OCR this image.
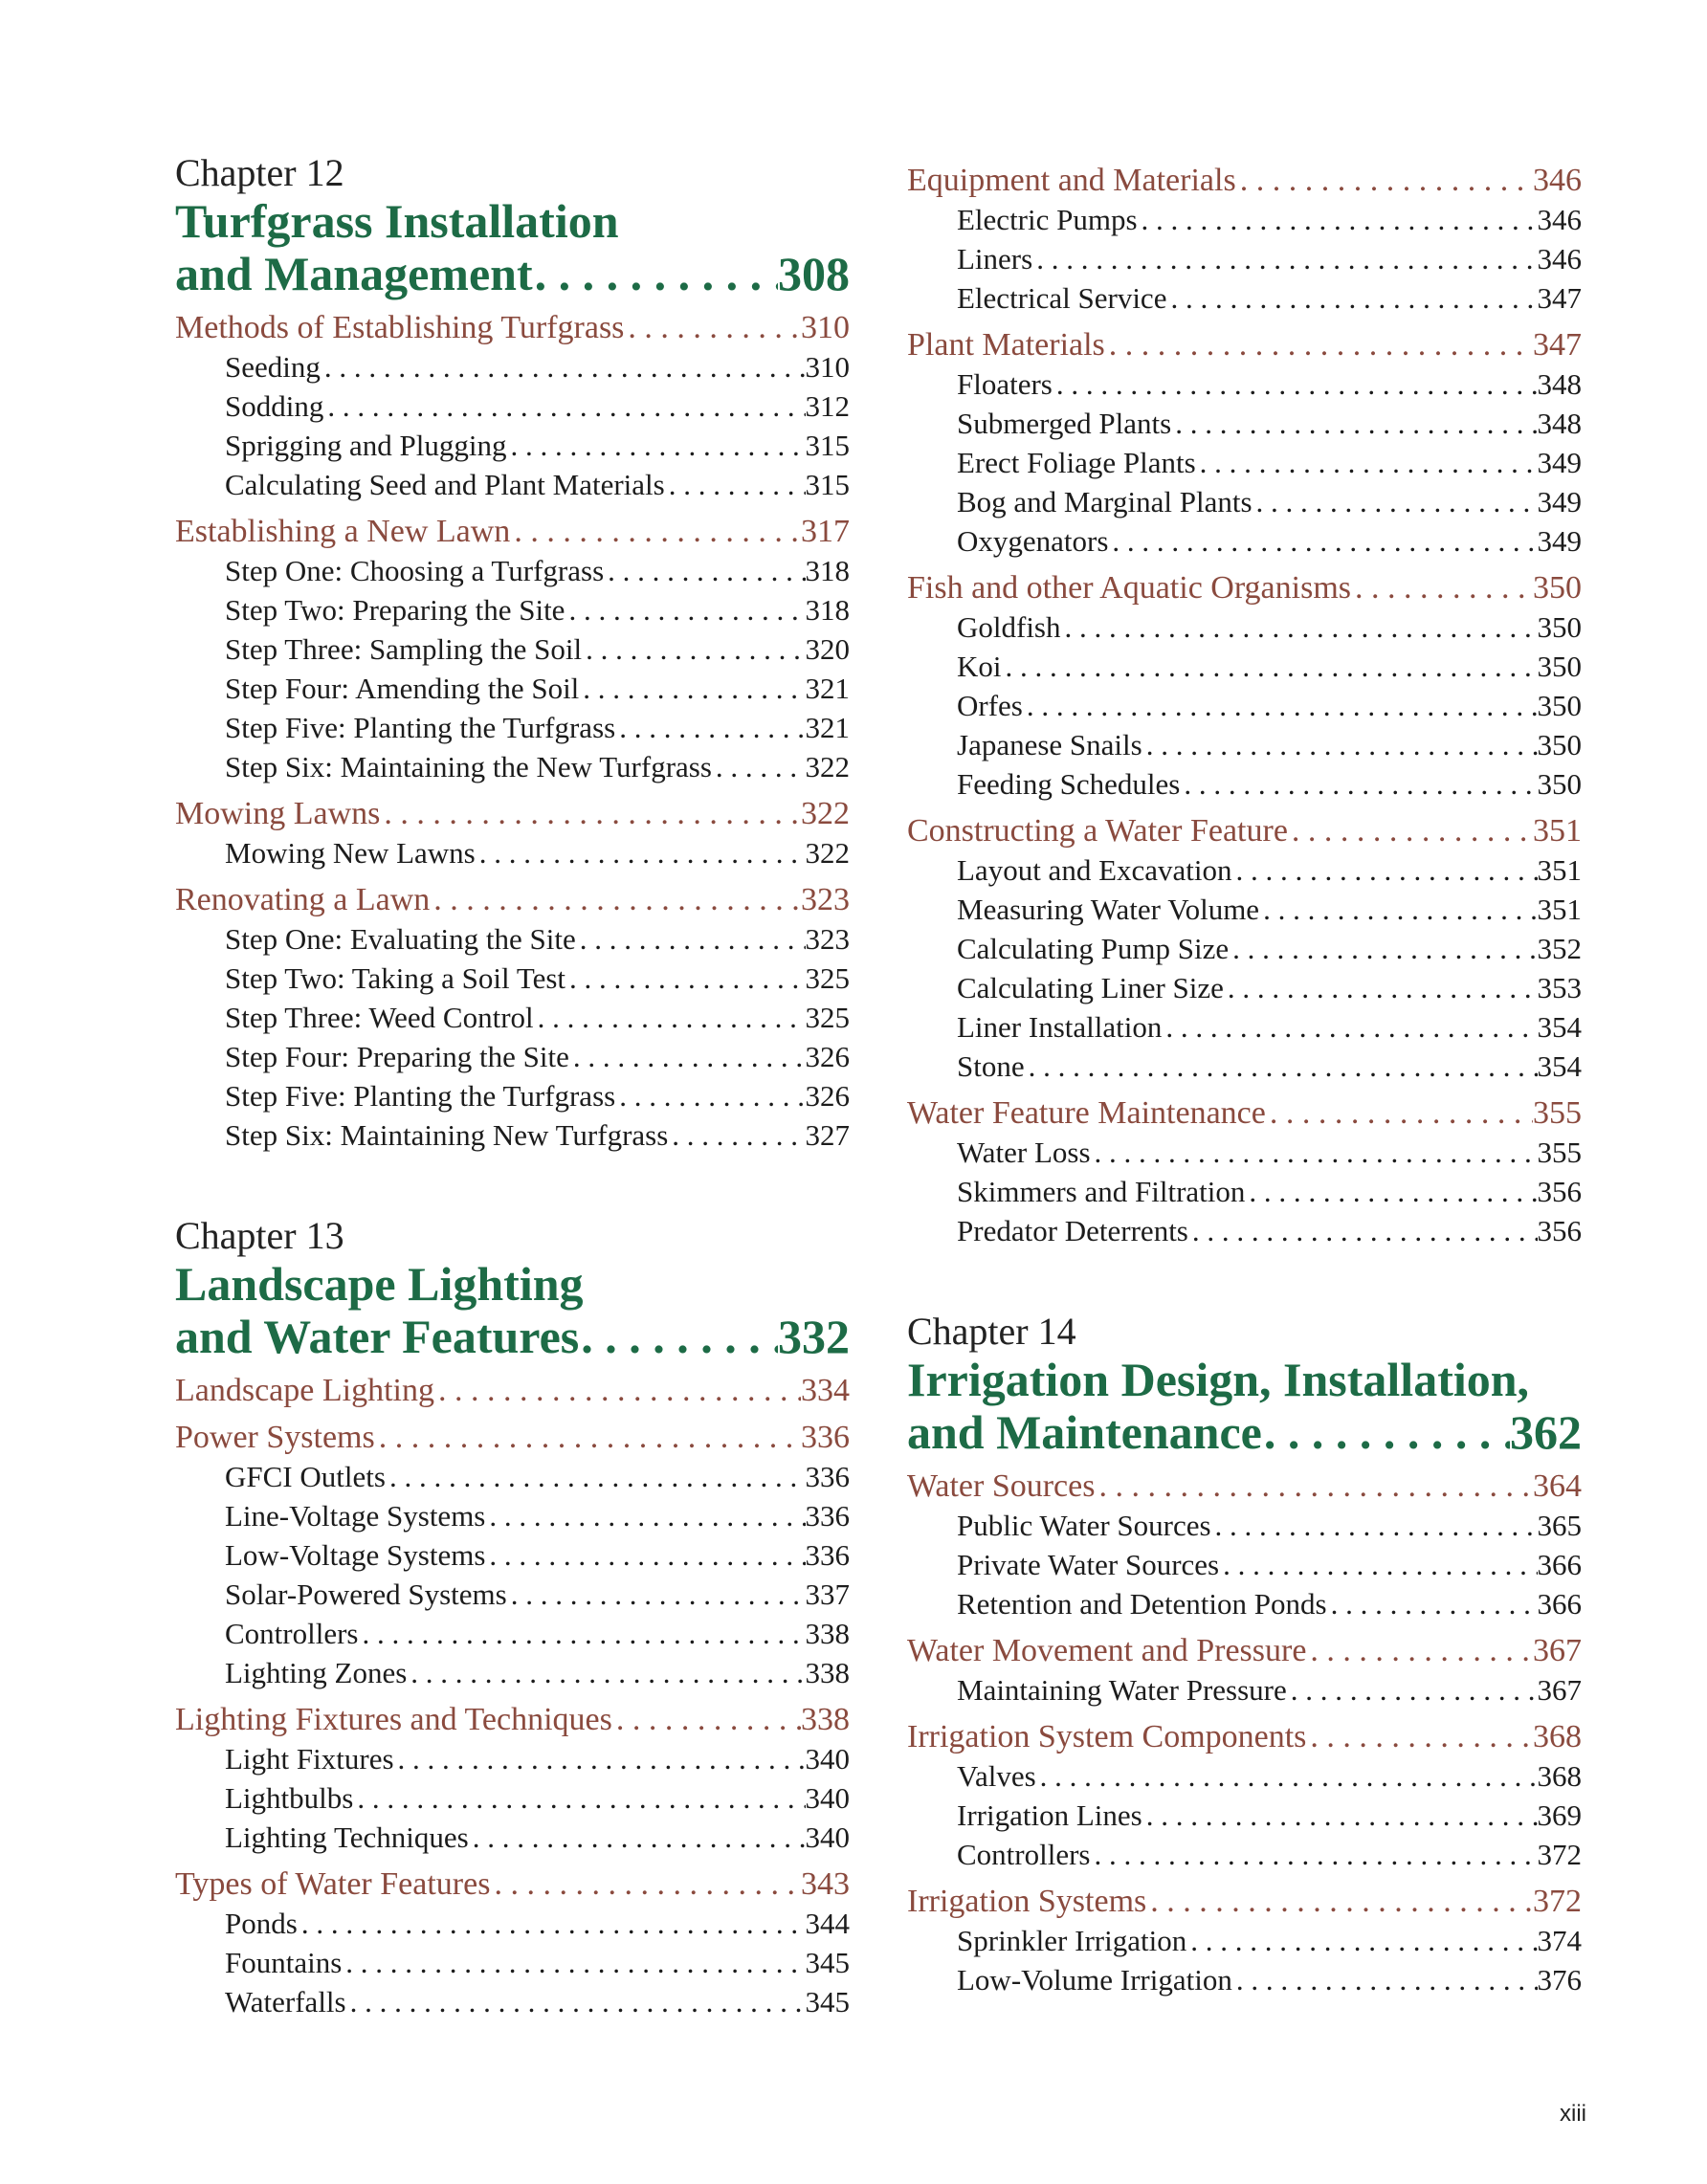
Chapter 12
Turfgrass Installation
and Management . . .	308
Methods of Establishing Turfgrass . . .	310
Seeding . . .	310
Sodding . . .	312
Sprigging and Plugging . . .	315
Calculating Seed and Plant Materials . . .	315
Establishing a New Lawn . . .	317
Step One: Choosing a Turfgrass . . .	318
Step Two: Preparing the Site . . .	318
Step Three: Sampling the Soil . . .	320
Step Four: Amending the Soil . . .	321
Step Five: Planting the Turfgrass . . .	321
Step Six: Maintaining the New Turfgrass . . .	322
Mowing Lawns . . .	322
Mowing New Lawns . . .	322
Renovating a Lawn . . .	323
Step One: Evaluating the Site . . .	323
Step Two: Taking a Soil Test . . .	325
Step Three: Weed Control . . .	325
Step Four: Preparing the Site . . .	326
Step Five: Planting the Turfgrass . . .	326
Step Six: Maintaining New Turfgrass . . .	327
Chapter 13
Landscape Lighting
and Water Features . . .	332
Landscape Lighting . . .	334
Power Systems . . .	336
GFCI Outlets . . .	336
Line-Voltage Systems . . .	336
Low-Voltage Systems . . .	336
Solar-Powered Systems . . .	337
Controllers . . .	338
Lighting Zones . . .	338
Lighting Fixtures and Techniques . . .	338
Light Fixtures . . .	340
Lightbulbs . . .	340
Lighting Techniques . . .	340
Types of Water Features . . .	343
Ponds . . .	344
Fountains . . .	345
Waterfalls . . .	345
Equipment and Materials . . .	346
Electric Pumps . . .	346
Liners . . .	346
Electrical Service . . .	347
Plant Materials . . .	347
Floaters . . .	348
Submerged Plants . . .	348
Erect Foliage Plants . . .	349
Bog and Marginal Plants . . .	349
Oxygenators . . .	349
Fish and other Aquatic Organisms . . .	350
Goldfish . . .	350
Koi . . .	350
Orfes . . .	350
Japanese Snails . . .	350
Feeding Schedules . . .	350
Constructing a Water Feature . . .	351
Layout and Excavation . . .	351
Measuring Water Volume . . .	351
Calculating Pump Size . . .	352
Calculating Liner Size . . .	353
Liner Installation . . .	354
Stone . . .	354
Water Feature Maintenance . . .	355
Water Loss . . .	355
Skimmers and Filtration . . .	356
Predator Deterrents . . .	356
Chapter 14
Irrigation Design, Installation,
and Maintenance . . .	362
Water Sources . . .	364
Public Water Sources . . .	365
Private Water Sources . . .	366
Retention and Detention Ponds . . .	366
Water Movement and Pressure . . .	367
Maintaining Water Pressure . . .	367
Irrigation System Components . . .	368
Valves . . .	368
Irrigation Lines . . .	369
Controllers . . .	372
Irrigation Systems . . .	372
Sprinkler Irrigation . . .	374
Low-Volume Irrigation . . .	376
xiii
